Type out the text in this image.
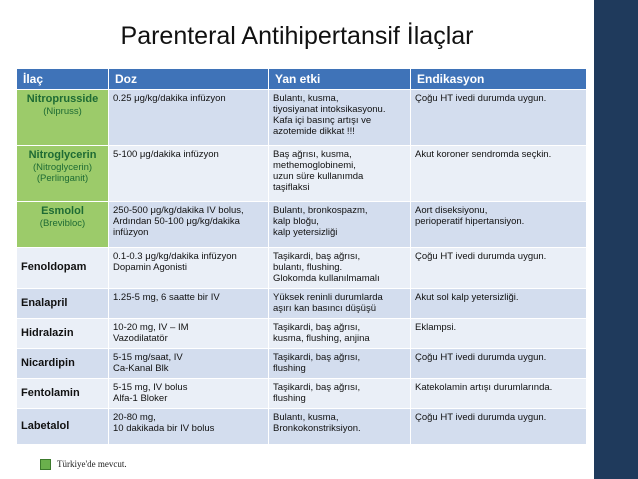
Parenteral Antihipertansif İlaçlar
İlaç	Doz	Yan etki	Endikasyon

Nitroprusside
(Nipruss)	0.25 μg/kg/dakika infüzyon	Bulantı, kusma,
tiyosiyanat intoksikasyonu.
Kafa içi basınç artışı ve
azotemide dikkat !!!	Çoğu HT ivedi durumda uygun.

Nitroglycerin
(Nitroglycerin)
(Perlinganit)	5-100 μg/dakika infüzyon	Baş ağrısı, kusma,
methemoglobinemi,
uzun süre kullanımda
taşiflaksi	Akut koroner sendromda seçkin.

Esmolol
(Brevibloc)	250-500 μg/kg/dakika IV bolus,
Ardından 50-100 μg/kg/dakika
infüzyon	Bulantı, bronkospazm,
kalp bloğu,
kalp yetersizliği	Aort diseksiyonu,
perioperatif hipertansiyon.

Fenoldopam	0.1-0.3 μg/kg/dakika infüzyon
Dopamin Agonisti	Taşikardi, baş ağrısı,
bulantı, flushing.
Glokomda kullanılmamalı	Çoğu HT ivedi durumda uygun.

Enalapril	1.25-5 mg, 6 saatte bir IV	Yüksek reninli durumlarda
aşırı kan basıncı düşüşü	Akut sol kalp yetersizliği.

Hidralazin	10-20 mg, IV – IM
Vazodilatatör	Taşikardi, baş ağrısı,
kusma, flushing, anjina	Eklampsi.

Nicardipin	5-15 mg/saat, IV
Ca-Kanal Blk	Taşikardi, baş ağrısı,
flushing	Çoğu HT ivedi durumda uygun.

Fentolamin	5-15 mg, IV bolus
Alfa-1 Bloker	Taşikardi, baş ağrısı,
flushing	Katekolamin artışı durumlarında.

Labetalol	20-80 mg,
10 dakikada bir IV bolus	Bulantı, kusma,
Bronkokonstriksiyon.	Çoğu HT ivedi durumda uygun.
Türkiye'de mevcut.
